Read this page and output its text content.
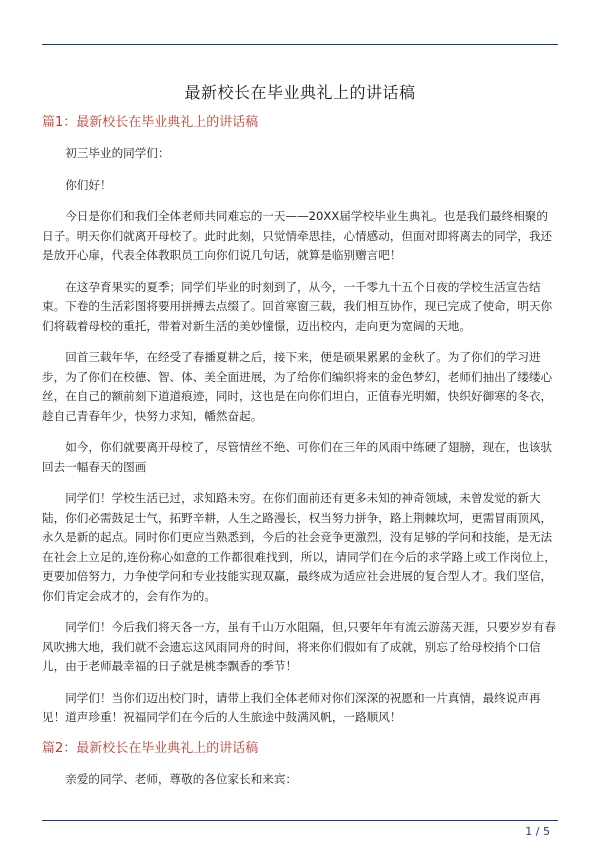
最新校长在毕业典礼上的讲话稿
篇1：最新校长在毕业典礼上的讲话稿

初三毕业的同学们：

你们好！

今日是你们和我们全体老师共同难忘的一天——20XX届学校毕业生典礼。也是我们最终相聚的日子。明天你们就离开母校了。此时此刻，只觉情牵思挂，心情感动，但面对即将离去的同学，我还是放开心扉，代表全体教职员工向你们说几句话，就算是临别赠言吧！

在这孕育果实的夏季；同学们毕业的时刻到了，从今，一千零九十五个日夜的学校生活宣告结束。下卷的生活彩图将要用拼搏去点缀了。回首寒窗三载，我们相互协作，现已完成了使命，明天你们将载着母校的重托，带着对新生活的美妙憧憬，迈出校内，走向更为宽阔的天地。

回首三载年华，在经受了春播夏耕之后，接下来，便是硕果累累的金秋了。为了你们的学习进步，为了你们在校德、智、体、美全面进展，为了给你们编织将来的金色梦幻，老师们抽出了缕缕心丝，在自己的额前刻下道道痕迹，同时，这也是在向你们坦白，正值春光明媚，快织好御寒的冬衣，趁自己青春年少，快努力求知，幡然奋起。

如今，你们就要离开母校了，尽管情丝不绝、可你们在三年的风雨中练硬了翅膀，现在，也该驮回去一幅春天的图画

同学们！学校生活已过，求知路未穷。在你们面前还有更多未知的神奇领域，未曾发觉的新大陆，你们必需鼓足士气，拓野辛耕，人生之路漫长，权当努力拼争，路上荆棘坎坷，更需冒雨顶风，永久是新的起点。同时你们更应当熟悉到，今后的社会竞争更激烈，没有足够的学问和技能，是无法在社会上立足的,连份称心如意的工作都很难找到，所以，请同学们在今后的求学路上或工作岗位上，更要加倍努力，力争使学问和专业技能实现双赢，最终成为适应社会进展的复合型人才。我们坚信，你们肯定会成才的，会有作为的。

同学们！今后我们将天各一方，虽有千山万水阻隔，但,只要年年有流云游荡天涯，只要岁岁有春风吹拂大地，我们就不会遗忘这风雨同舟的时间，将来你们假如有了成就，别忘了给母校捎个口信儿，由于老师最幸福的日子就是桃李飘香的季节！

同学们！当你们迈出校门时，请带上我们全体老师对你们深深的祝愿和一片真情，最终说声再见！道声珍重！祝福同学们在今后的人生旅途中鼓满风帆，一路顺风！

篇2：最新校长在毕业典礼上的讲话稿

亲爱的同学、老师，尊敬的各位家长和来宾：

1 / 5
